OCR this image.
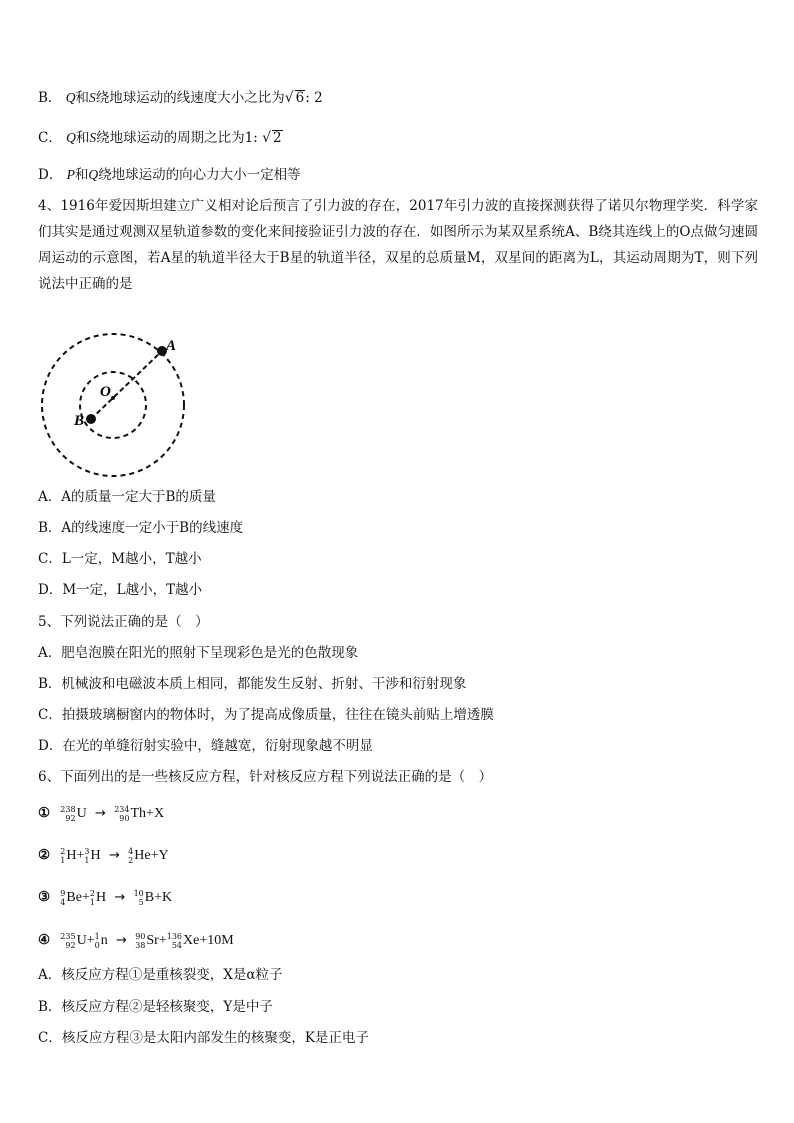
B． Q和S绕地球运动的线速度大小之比为√ 6: 2
C． Q和S绕地球运动的周期之比为1: √ 2
D． P和Q绕地球运动的向心力大小一定相等
4、1916年爱因斯坦建立广义相对论后预言了引力波的存在，2017年引力波的直接探测获得了诺贝尔物理学奖．科学家们其实是通过观测双星轨道参数的变化来间接验证引力波的存在．如图所示为某双星系统A、B绕其连线上的O点做匀速圆周运动的示意图，若A星的轨道半径大于B星的轨道半径，双星的总质量M，双星间的距离为L，其运动周期为T，则下列说法中正确的是
A
O
B
A．A的质量一定大于B的质量
B．A的线速度一定小于B的线速度
C．L一定，M越小，T越小
D．M一定，L越小，T越小
5、下列说法正确的是（　）
A．肥皂泡膜在阳光的照射下呈现彩色是光的色散现象
B．机械波和电磁波本质上相同，都能发生反射、折射、干涉和衍射现象
C．拍摄玻璃橱窗内的物体时，为了提高成像质量，往往在镜头前贴上增透膜
D．在光的单缝衍射实验中，缝越宽，衍射现象越不明显
6、下面列出的是一些核反应方程，针对核反应方程下列说法正确的是（　）
① 238
92 U → 234
90 Th +X
② 2
1 H + 3
1 H → 4
2 He +Y
③ 9
4 Be + 2
1 H → 10
5 B +K
④ 235
92 U + 1
0 n → 90
38 Sr + 136
54 Xe +10M
A．核反应方程①是重核裂变，X是α粒子
B．核反应方程②是轻核聚变，Y是中子
C．核反应方程③是太阳内部发生的核聚变，K是正电子
